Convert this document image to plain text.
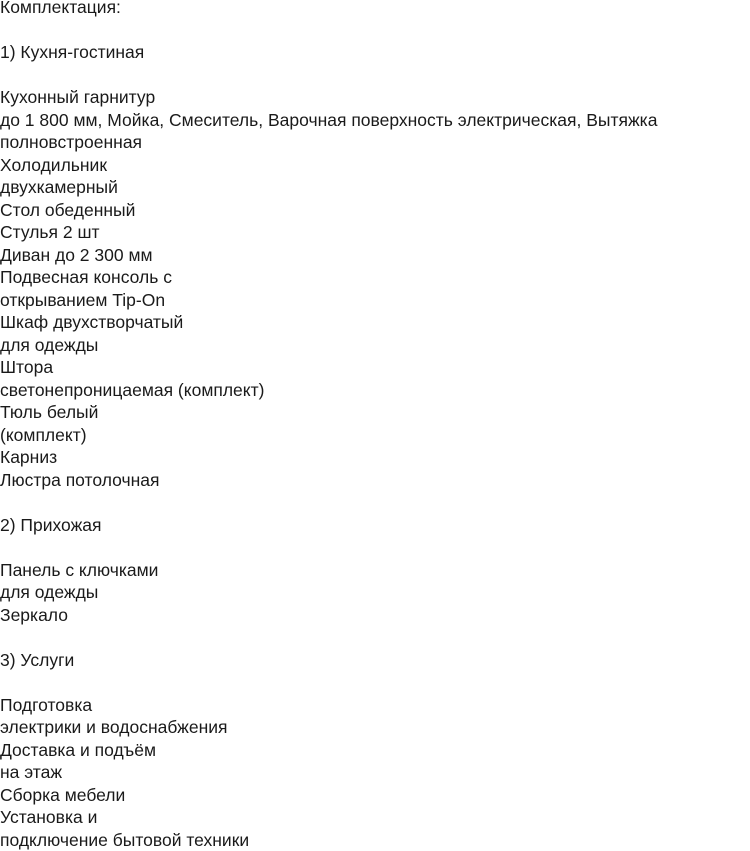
Комплектация:
1) Кухня-гостиная
Кухонный гарнитур
до 1 800 мм, Мойка, Смеситель, Варочная поверхность электрическая, Вытяжка
полновстроенная
Холодильник
двухкамерный
Стол обеденный
Стулья 2 шт
Диван до 2 300 мм
Подвесная консоль с
открыванием Tip-On
Шкаф двухстворчатый
для одежды
Штора
светонепроницаемая (комплект)
Тюль белый
(комплект)
Карниз
Люстра потолочная
2) Прихожая
Панель с ключками
для одежды
Зеркало
3) Услуги
Подготовка
электрики и водоснабжения
Доставка и подъём
на этаж
Сборка мебели
Установка и
подключение бытовой техники
